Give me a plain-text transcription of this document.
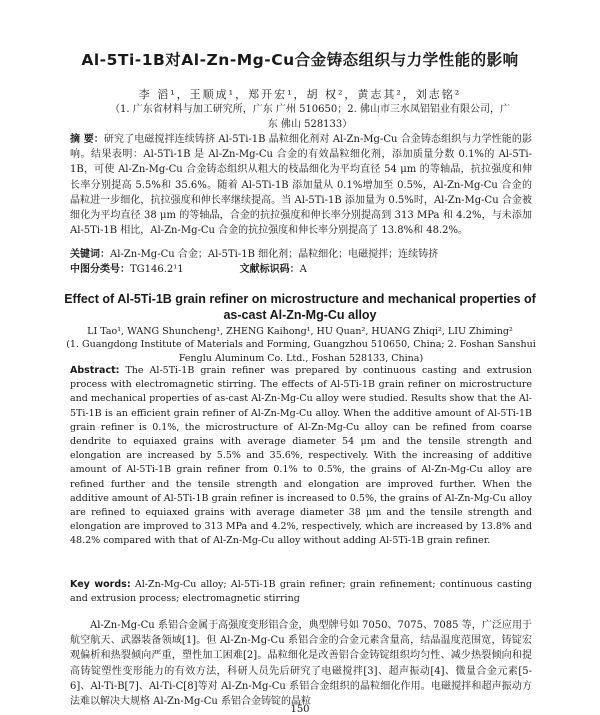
Al-5Ti-1B对Al-Zn-Mg-Cu合金铸态组织与力学性能的影响
李 滔¹，王顺成¹，郑开宏¹，胡 权²，黄志其²，刘志铭²
（1. 广东省材料与加工研究所，广东 广州 510650；2. 佛山市三水凤铝铝业有限公司，广东 佛山 528133）
摘 要：研究了电磁搅拌连续铸挤 Al-5Ti-1B 晶粒细化剂对 Al-Zn-Mg-Cu 合金铸态组织与力学性能的影响。结果表明：Al-5Ti-1B 是 Al-Zn-Mg-Cu 合金的有效晶粒细化剂，添加质量分数 0.1%的 Al-5Ti-1B，可使 Al-Zn-Mg-Cu 合金铸态组织从粗大的枝晶细化为平均直径 54 μm 的等轴晶，抗拉强度和伸长率分别提高 5.5%和 35.6%。随着 Al-5Ti-1B 添加量从 0.1%增加至 0.5%，Al-Zn-Mg-Cu 合金的晶粒进一步细化，抗拉强度和伸长率继续提高。当 Al-5Ti-1B 添加量为 0.5%时，Al-Zn-Mg-Cu 合金被细化为平均直径 38 μm 的等轴晶，合金的抗拉强度和伸长率分别提高到 313 MPa 和 4.2%，与未添加 Al-5Ti-1B 相比，Al-Zn-Mg-Cu 合金的抗拉强度和伸长率分别提高了 13.8%和 48.2%。
关键词：Al-Zn-Mg-Cu 合金；Al-5Ti-1B 细化剂；晶粒细化；电磁搅拌；连续铸挤
中图分类号：TG146.2¹1	文献标识码：A
Effect of Al-5Ti-1B grain refiner on microstructure and mechanical properties of as-cast Al-Zn-Mg-Cu alloy
LI Tao¹, WANG Shuncheng¹, ZHENG Kaihong¹, HU Quan², HUANG Zhiqi², LIU Zhiming²
(1. Guangdong Institute of Materials and Forming, Guangzhou 510650, China; 2. Foshan Sanshui Fenglu Aluminum Co. Ltd., Foshan 528133, China)
Abstract: The Al-5Ti-1B grain refiner was prepared by continuous casting and extrusion process with electromagnetic stirring. The effects of Al-5Ti-1B grain refiner on microstructure and mechanical properties of as-cast Al-Zn-Mg-Cu alloy were studied. Results show that the Al-5Ti-1B is an efficient grain refiner of Al-Zn-Mg-Cu alloy. When the additive amount of Al-5Ti-1B grain refiner is 0.1%, the microstructure of Al-Zn-Mg-Cu alloy can be refined from coarse dendrite to equiaxed grains with average diameter 54 μm and the tensile strength and elongation are increased by 5.5% and 35.6%, respectively. With the increasing of additive amount of Al-5Ti-1B grain refiner from 0.1% to 0.5%, the grains of Al-Zn-Mg-Cu alloy are refined further and the tensile strength and elongation are improved further. When the additive amount of Al-5Ti-1B grain refiner is increased to 0.5%, the grains of Al-Zn-Mg-Cu alloy are refined to equiaxed grains with average diameter 38 μm and the tensile strength and elongation are improved to 313 MPa and 4.2%, respectively, which are increased by 13.8% and 48.2% compared with that of Al-Zn-Mg-Cu alloy without adding Al-5Ti-1B grain refiner.
Key words: Al-Zn-Mg-Cu alloy; Al-5Ti-1B grain refiner; grain refinement; continuous casting and extrusion process; electromagnetic stirring
Al-Zn-Mg-Cu 系铝合金属于高强度变形铝合金，典型牌号如 7050、7075、7085 等，广泛应用于航空航天、武器装备领域[1]。但 Al-Zn-Mg-Cu 系铝合金的合金元素含量高，结晶温度范围宽，铸锭宏观偏析和热裂倾向严重，塑性加工困难[2]。晶粒细化是改善铝合金铸锭组织均匀性、减少热裂倾向和提高铸锭塑性变形能力的有效方法，科研人员先后研究了电磁搅拌[3]、超声振动[4]、微量合金元素[5-6]、Al-Ti-B[7]、Al-Ti-C[8]等对 Al-Zn-Mg-Cu 系铝合金组织的晶粒细化作用。电磁搅拌和超声振动方法难以解决大规格 Al-Zn-Mg-Cu 系铝合金铸锭的晶粒
150
